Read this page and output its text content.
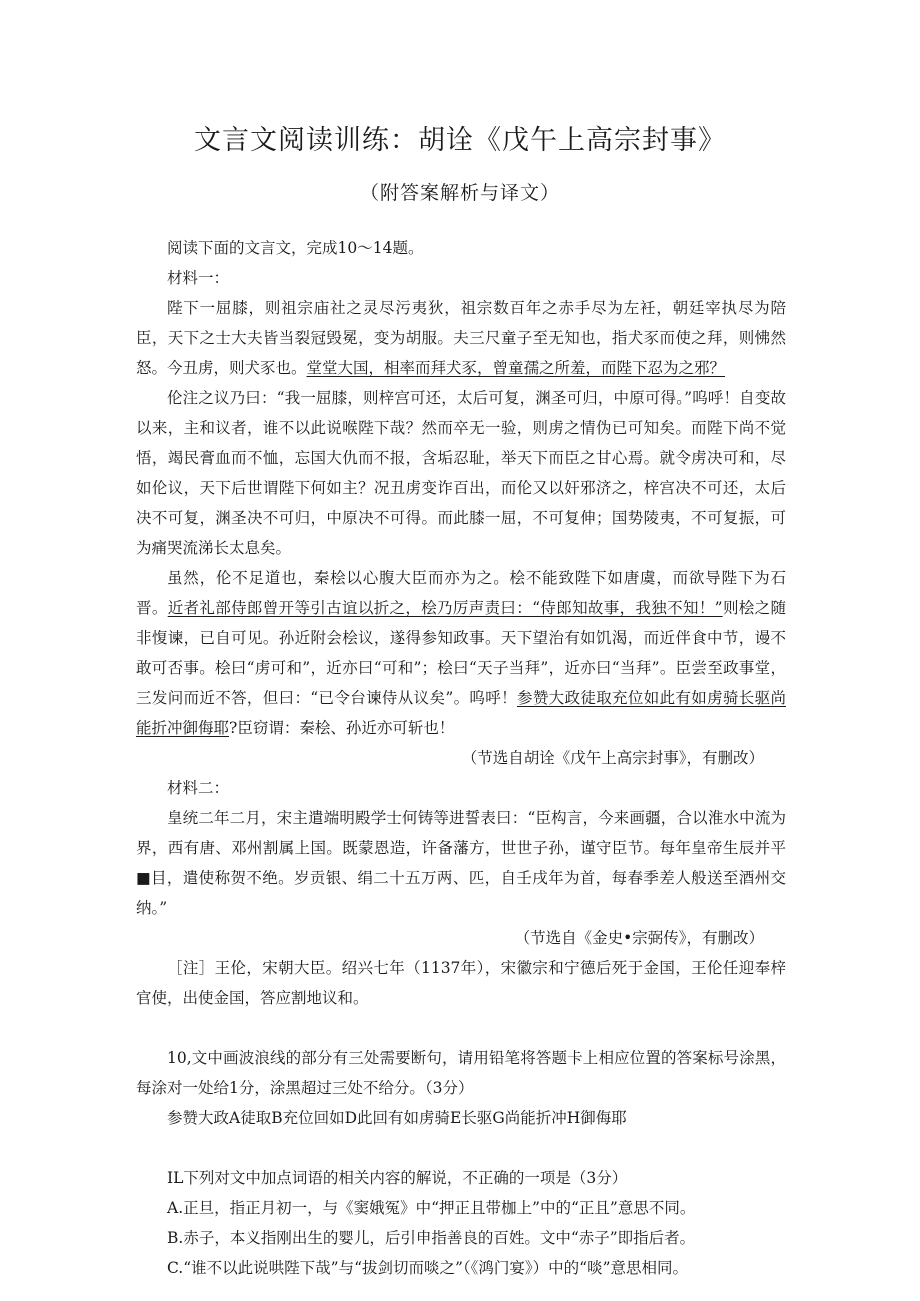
文言文阅读训练：胡诠《戊午上高宗封事》
（附答案解析与译文）

阅读下面的文言文，完成10～14题。

材料一：

陛下一屈膝，则祖宗庙社之灵尽污夷狄，祖宗数百年之赤手尽为左衽，朝廷宰执尽为陪臣，天下之士大夫皆当裂冠毁冕，变为胡服。夫三尺童子至无知也，指犬豕而使之拜，则怫然怒。今丑虏，则犬豕也。堂堂大国，相率而拜犬豕，曾童孺之所羞，而陛下忍为之邪？

伦注之议乃曰：“我一屈膝，则梓宫可还，太后可复，渊圣可归，中原可得。”呜呼！自变故以来，主和议者，谁不以此说喉陛下哉？然而卒无一验，则虏之情伪已可知矣。而陛下尚不觉悟，竭民膏血而不恤，忘国大仇而不报，含垢忍耻，举天下而臣之甘心焉。就令虏决可和，尽如伦议，天下后世谓陛下何如主？况丑虏变诈百出，而伦又以奸邪济之，梓宫决不可还，太后决不可复，渊圣决不可归，中原决不可得。而此膝一屈，不可复伸；国势陵夷，不可复振，可为痛哭流涕长太息矣。

虽然，伦不足道也，秦桧以心腹大臣而亦为之。桧不能致陛下如唐虞，而欲导陛下为石晋。近者礼部侍郎曾开等引古谊以折之，桧乃厉声责曰：“侍郎知故事，我独不知！”则桧之随非愎谏，已自可见。孙近附会桧议，遂得参知政事。天下望治有如饥渴，而近伴食中节，谩不敢可否事。桧曰“虏可和”，近亦曰“可和”；桧曰“天子当拜”，近亦曰“当拜”。臣尝至政事堂，三发问而近不答，但曰：“已令台谏侍从议矣”。呜呼！参赞大政徒取充位如此有如虏骑长驱尚能折冲御侮耶?臣窃谓：秦桧、孙近亦可斩也！

（节选自胡诠《戊午上高宗封事》，有删改）

材料二：

皇统二年二月，宋主遣端明殿学士何铸等进誓表曰：“臣构言，今来画疆，合以淮水中流为界，西有唐、邓州割属上国。既蒙恩造，许备藩方，世世子孙，谨守臣节。每年皇帝生辰并平■目，遣使称贺不绝。岁贡银、绢二十五万两、匹，自壬戌年为首，每春季差人般送至酒州交纳。”

（节选自《金史•宗弼传》，有删改）

［注］王伦，宋朝大臣。绍兴七年（1137年），宋徽宗和宁德后死于金国，王伦任迎奉梓官使，出使金国，答应割地议和。

10,文中画波浪线的部分有三处需要断句，请用铅笔将答题卡上相应位置的答案标号涂黑，每涂对一处给1分，涂黑超过三处不给分。（3分）

参赞大政A徒取B充位回如D此回有如虏骑E长驱G尚能折冲H御侮耶

IL下列对文中加点词语的相关内容的解说，不正确的一项是（3分）

A.正旦，指正月初一，与《窦娥冤》中“押正且带枷上”中的“正且”意思不同。

B.赤子，本义指刚出生的婴儿，后引申指善良的百姓。文中“赤子”即指后者。

C.“谁不以此说哄陛下哉”与“拔剑切而啖之”（《鸿门宴》）中的“啖”意思相同。
